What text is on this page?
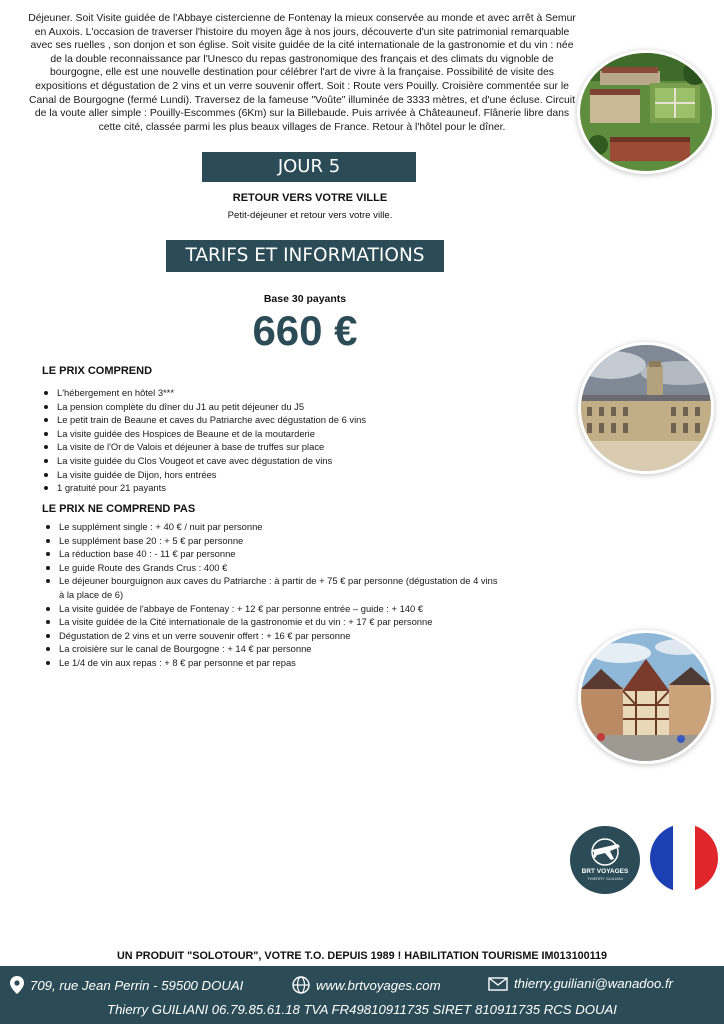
Déjeuner. Soit Visite guidée de l'Abbaye cistercienne de Fontenay la mieux conservée au monde et avec arrêt à Semur en Auxois. L'occasion de traverser l'histoire du moyen âge à nos jours, découverte d'un site patrimonial remarquable avec ses ruelles , son donjon et son église. Soit visite guidée de la cité internationale de la gastronomie et du vin : née de la double reconnaissance par l'Unesco du repas gastronomique des français et des climats du vignoble de bourgogne, elle est une nouvelle destination pour célébrer l'art de vivre à la française. Possibilité de visite des expositions et dégustation de 2 vins et un verre souvenir offert. Soit : Route vers Pouilly. Croisière commentée sur le Canal de Bourgogne (fermé Lundi). Traversez de la fameuse "Voûte" illuminée de 3333 mètres, et d'une écluse. Circuit de la voute aller simple : Pouilly-Escommes (6Km) sur la Billebaude. Puis arrivée à Châteauneuf. Flânerie libre dans cette cité, classée parmi les plus beaux villages de France. Retour à l'hôtel pour le dîner.
JOUR 5
RETOUR VERS VOTRE VILLE
Petit-déjeuner et retour vers votre ville.
TARIFS ET INFORMATIONS
Base 30 payants
660 €
LE PRIX COMPREND
L'hébergement en hôtel 3***
La pension complète du dîner du J1 au petit déjeuner du J5
Le petit train de Beaune et caves du Patriarche avec dégustation de 6 vins
La visite guidée des Hospices de Beaune et de la moutarderie
La visite de l'Or de Valois et déjeuner à base de truffes sur place
La visite guidée du Clos Vougeot et cave avec dégustation de vins
La visite guidée de Dijon, hors entrées
1 gratuité pour 21 payants
LE PRIX NE COMPREND PAS
Le supplément single : + 40 € / nuit par personne
Le supplément base 20 : + 5 € par personne
La réduction base 40 : - 11 € par personne
Le guide Route des Grands Crus : 400 €
Le déjeuner bourguignon aux caves du Patriarche : à partir de + 75 € par personne (dégustation de 4 vins à la place de 6)
La visite guidée de l'abbaye de Fontenay : + 12 € par personne entrée – guide : + 140 €
La visite guidée de la Cité internationale de la gastronomie et du vin : + 17 € par personne
Dégustation de 2 vins et un verre souvenir offert : + 16 € par personne
La croisière sur le canal de Bourgogne : + 14 € par personne
Le 1/4 de vin aux repas : + 8 € par personne et par repas
BRT VOYAGES
THIERRY GUILIANI
UN PRODUIT "SOLOTOUR", VOTRE T.O. DEPUIS 1989 ! HABILITATION TOURISME IM013100119
709, rue Jean Perrin - 59500 DOUAI	www.brtvoyages.com	thierry.guiliani@wanadoo.fr
Thierry GUILIANI 06.79.85.61.18 TVA FR49810911735 SIRET 810911735 RCS DOUAI
